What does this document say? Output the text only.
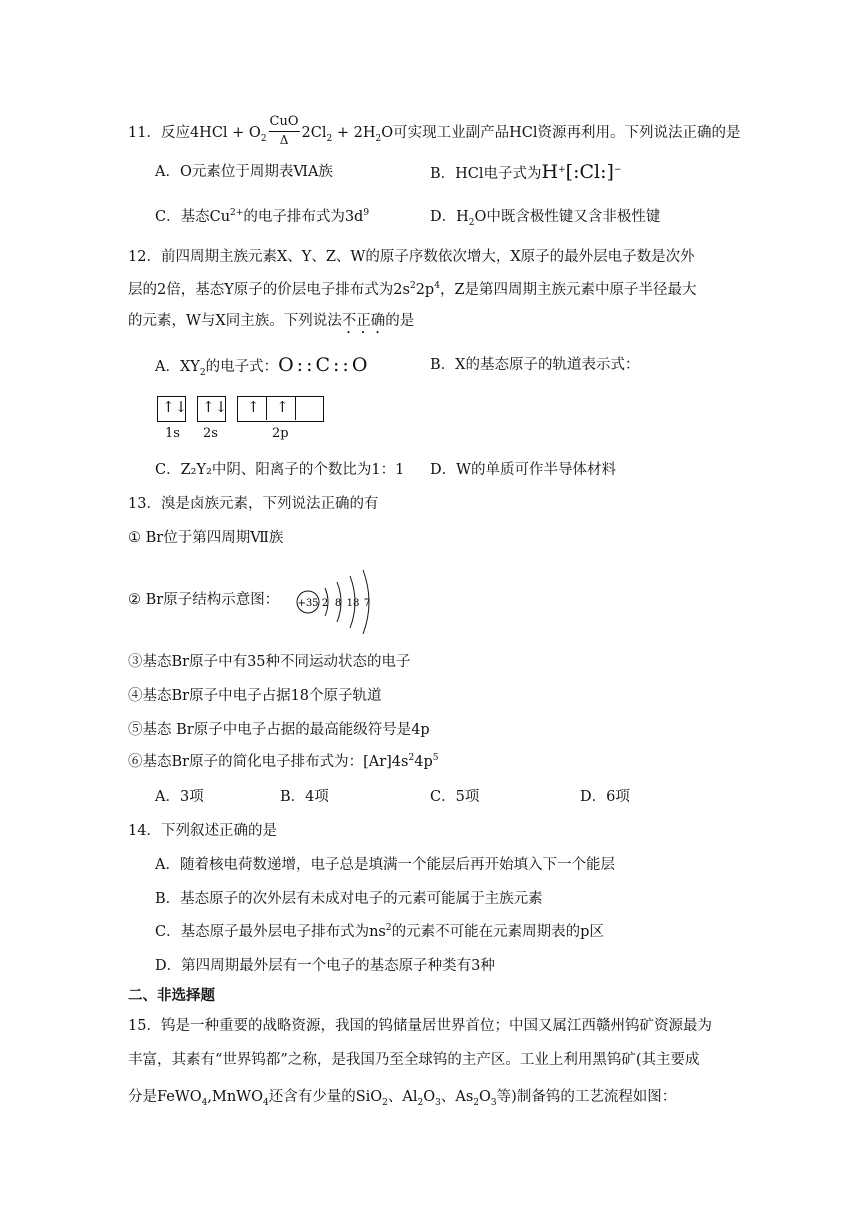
11．反应$4HCl + O_2 \frac{\text{CuO}}{\Delta} 2Cl_2 + 2H_2O$可实现工业副产品HCl资源再利用。下列说法正确的是
A．O元素位于周期表ⅥA族	B．HCl电子式为H+[:Cl:]−
C．基态$Cu^{2+}$的电子排布式为$3d^9$	D．$H_2O$中既含极性键又含非极性键
12．前四周期主族元素X、Y、Z、W的原子序数依次增大，X原子的最外层电子数是次外
层的2倍，基态Y原子的价层电子排布式为$2s^22p^4$，Z是第四周期主族元素中原子半径最大
的元素，W与X同主族。下列说法不正确的是
A．$XY_2$的电子式：O::C::O	B．X的基态原子的轨道表示式：
↑↓ ↑↓ ↑ ↑
1s 2s	2p
C．Z₂Y₂中阴、阳离子的个数比为1：1 D．W的单质可作半导体材料
13．溴是卤族元素，下列说法正确的有
① Br位于第四周期Ⅶ族
② Br原子结构示意图： +35 2 8 18 7
③基态Br原子中有35种不同运动状态的电子
④基态Br原子中电子占据18个原子轨道
⑤基态 Br原子中电子占据的最高能级符号是4p
⑥基态Br原子的简化电子排布式为：$[Ar]4s^24p^5$
A．3项	B．4项	C．5项	D．6项
14．下列叙述正确的是
A．随着核电荷数递增，电子总是填满一个能层后再开始填入下一个能层
B．基态原子的次外层有未成对电子的元素可能属于主族元素
C．基态原子最外层电子排布式为$ns^2$的元素不可能在元素周期表的p区
D．第四周期最外层有一个电子的基态原子种类有3种
二、非选择题
15．钨是一种重要的战略资源，我国的钨储量居世界首位；中国又属江西赣州钨矿资源最为
丰富，其素有“世界钨都”之称，是我国乃至全球钨的主产区。工业上利用黑钨矿(其主要成
分是FeWO$_4$,MnWO$_4$还含有少量的SiO$_2$、$Al_2O_3$、$As_2O_3$等)制备钨的工艺流程如图：
